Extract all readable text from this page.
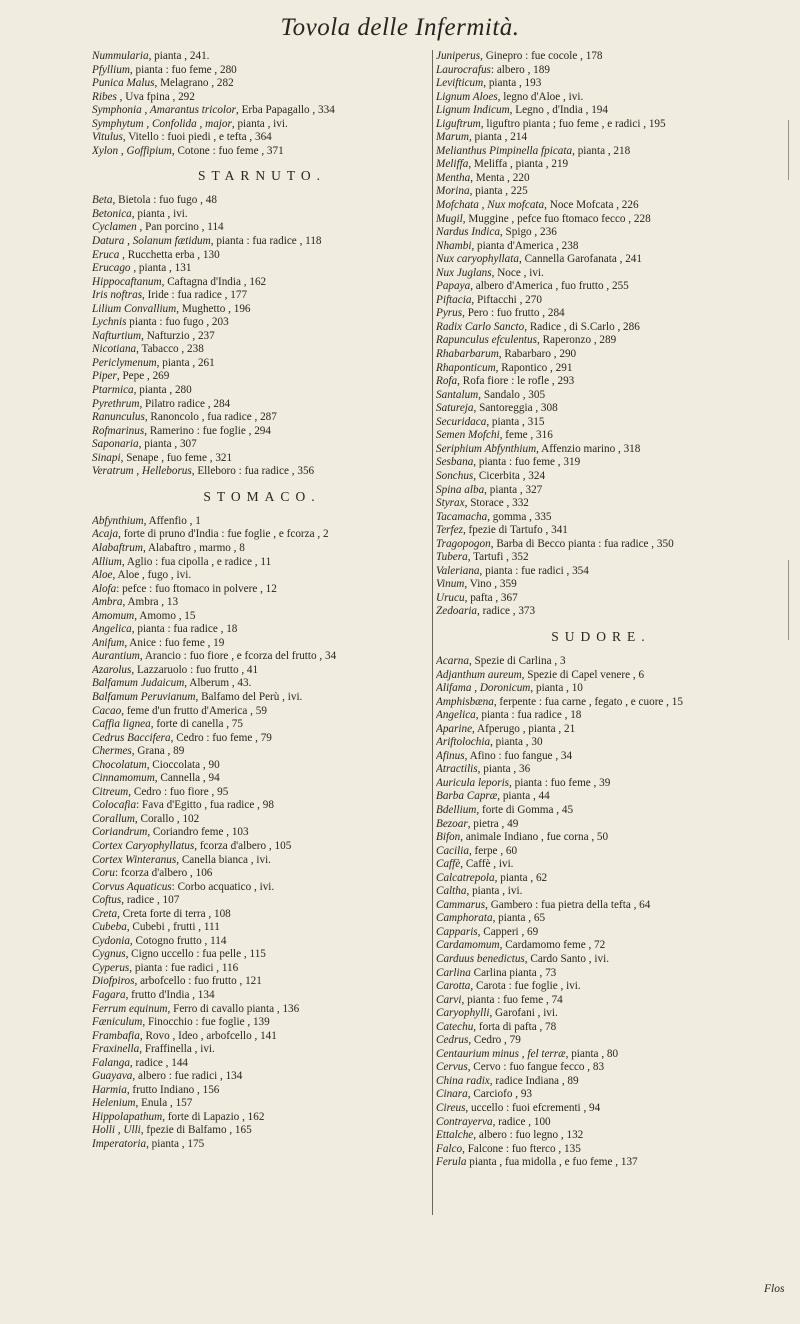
Tovola delle Infermità.
Nummularia, pianta , 241.
Pfyllium, pianta : fuo feme , 280
Punica Malus, Melagrano , 282
Ribes , Uva fpina , 292
Symphonia , Amarantus tricolor, Erba Papagallo , 334
Symphytum , Confolida , major, pianta , ivi.
Vitulus, Vitello : fuoi piedi , e tefta , 364
Xylon , Goffipium, Cotone : fuo feme , 371
STARNUTO.
Beta, Bietola : fuo fugo , 48
Betonica, pianta , ivi.
Cyclamen , Pan porcino , 114
Datura , Solanum fætidum, pianta : fua radice , 118
Eruca , Rucchetta erba , 130
Erucago , pianta , 131
Hippocaftanum, Caftagna d'India , 162
Iris noftras, Iride : fua radice , 177
Lilium Convallium, Mughetto , 196
Lychnis pianta : fuo fugo , 203
Nafturtium, Nafturzio , 237
Nicotiana, Tabacco , 238
Periclymenum, pianta , 261
Piper, Pepe , 269
Ptarmica, pianta , 280
Pyrethrum, Pilatro radice , 284
Ranunculus, Ranoncolo , fua radice , 287
Rofmarinus, Ramerino : fue foglie , 294
Saponaria, pianta , 307
Sinapi, Senape , fuo feme , 321
Veratrum , Helleborus, Elleboro : fua radice , 356
STOMACO.
Abfynthium, Affenfio , 1
Acaja, forte di pruno d'India : fue foglie , e fcorza , 2
Alabaftrum, Alabaftro , marmo , 8
Allium, Aglio : fua cipolla , e radice , 11
Aloe, Aloe , fugo , ivi.
Alofa: pefce : fuo ftomaco in polvere , 12
Ambra, Ambra , 13
Amomum, Amomo , 15
Angelica, pianta : fua radice , 18
Anifum, Anice : fuo feme , 19
Aurantium, Arancio : fuo fiore , e fcorza del frutto , 34
Azarolus, Lazzaruolo : fuo frutto , 41
Balfamum Judaicum, Alberum , 43.
Balfamum Peruvianum, Balfamo del Perù , ivi.
Cacao, feme d'un frutto d'America , 59
Caffia lignea, forte di canella , 75
Cedrus Baccifera, Cedro : fuo feme , 79
Chermes, Grana , 89
Chocolatum, Cioccolata , 90
Cinnamomum, Cannella , 94
Citreum, Cedro : fuo fiore , 95
Colocafia: Fava d'Egitto , fua radice , 98
Corallum, Corallo , 102
Coriandrum, Coriandro feme , 103
Cortex Caryophyllatus, fcorza d'albero , 105
Cortex Winteranus, Canella bianca , ivi.
Coru: fcorza d'albero , 106
Corvus Aquaticus: Corbo acquatico , ivi.
Coftus, radice , 107
Creta, Creta forte di terra , 108
Cubeba, Cubebi , frutti , 111
Cydonia, Cotogno frutto , 114
Cygnus, Cigno uccello : fua pelle , 115
Cyperus, pianta : fue radici , 116
Diofpiros, arbofcello : fuo frutto , 121
Fagara, frutto d'India , 134
Ferrum equinum, Ferro di cavallo pianta , 136
Fæniculum, Finocchio : fue foglie , 139
Frambafia, Rovo , Ideo , arbofcello , 141
Fraxinella, Fraffinella , ivi.
Falanga, radice , 144
Guayava, albero : fue radici , 134
Harmia, frutto Indiano , 156
Helenium, Enula , 157
Hippolapathum, forte di Lapazio , 162
Holli , Ulli, fpezie di Balfamo , 165
Imperatoria, pianta , 175
Juniperus, Ginepro : fue cocole , 178
Laurocrafus: albero , 189
Levifticum, pianta , 193
Lignum Aloes, legno d'Aloe , ivi.
Lignum Indicum, Legno , d'India , 194
Liguftrum, liguftro pianta ; fuo feme , e radici , 195
Marum, pianta , 214
Melianthus Pimpinella fpicata, pianta , 218
Meliffa, Meliffa , pianta , 219
Mentha, Menta , 220
Morina, pianta , 225
Mofchata , Nux mofcata, Noce Mofcata , 226
Mugil, Muggine , pefce fuo ftomaco fecco , 228
Nardus Indica, Spigo , 236
Nhambi, pianta d'America , 238
Nux caryophyllata, Cannella Garofanata , 241
Nux Juglans, Noce , ivi.
Papaya, albero d'America , fuo frutto , 255
Piftacia, Piftacchi , 270
Pyrus, Pero : fuo frutto , 284
Radix Carlo Sancto, Radice , di S.Carlo , 286
Rapunculus efculentus, Raperonzo , 289
Rhabarbarum, Rabarbaro , 290
Rhaponticum, Rapontico , 291
Rofa, Rofa fiore : le rofle , 293
Santalum, Sandalo , 305
Satureja, Santoreggia , 308
Securidaca, pianta , 315
Semen Mofchi, feme , 316
Seriphium Abfynthium, Affenzio marino , 318
Sesbana, pianta : fuo feme , 319
Sonchus, Cicerbita , 324
Spina alba, pianta , 327
Styrax, Storace , 332
Tacamacha, gomma , 335
Terfez, fpezie di Tartufo , 341
Tragopogon, Barba di Becco pianta : fua radice , 350
Tubera, Tartufi , 352
Valeriana, pianta : fue radici , 354
Vinum, Vino , 359
Urucu, pafta , 367
Zedoaria, radice , 373
SUDORE.
Acarna, Spezie di Carlina , 3
Adjanthum aureum, Spezie di Capel venere , 6
Alifama , Doronicum, pianta , 10
Amphisbæna, ferpente : fua carne , fegato , e cuore , 15
Angelica, pianta : fua radice , 18
Aparine, Afperugo , pianta , 21
Ariftolochia, pianta , 30
Afinus, Afino : fuo fangue , 34
Atractilis, pianta , 36
Auricula leporis, pianta : fuo feme , 39
Barba Capræ, pianta , 44
Bdellium, forte di Gomma , 45
Bezoar, pietra , 49
Bifon, animale Indiano , fue corna , 50
Cacilia, ferpe , 60
Caffè, Caffè , ivi.
Calcatrepola, pianta , 62
Caltha, pianta , ivi.
Cammarus, Gambero : fua pietra della tefta , 64
Camphorata, pianta , 65
Capparis, Capperi , 69
Cardamomum, Cardamomo feme , 72
Carduus benedictus, Cardo Santo , ivi.
Carlina Carlina pianta , 73
Carotta, Carota : fue foglie , ivi.
Carvi, pianta : fuo feme , 74
Caryophylli, Garofani , ivi.
Catechu, forta di pafta , 78
Cedrus, Cedro , 79
Centaurium minus , fel terræ, pianta , 80
Cervus, Cervo : fuo fangue fecco , 83
China radix, radice Indiana , 89
Cinara, Carciofo , 93
Cireus, uccello : fuoi efcrementi , 94
Contrayerva, radice , 100
Ettalche, albero : fuo legno , 132
Falco, Falcone : fuo fterco , 135
Ferula pianta , fua midolla , e fuo feme , 137
Flos
